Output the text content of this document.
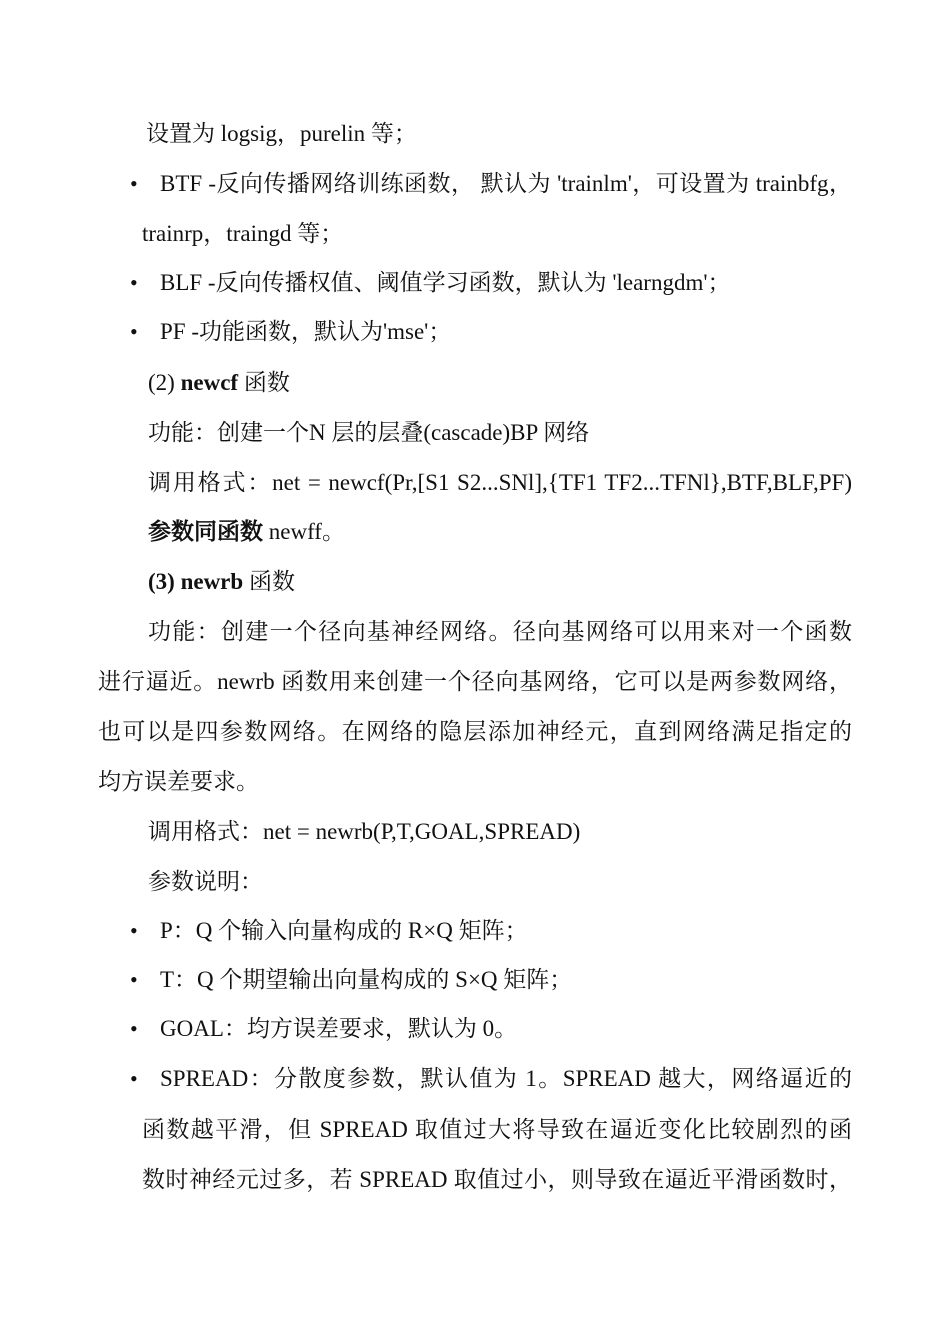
设置为 logsig，purelin 等；
• BTF -反向传播网络训练函数， 默认为 'trainlm'，可设置为 trainbfg，
trainrp，traingd 等；
• BLF -反向传播权值、阈值学习函数，默认为 'learngdm'；
• PF -功能函数，默认为'mse'；
(2) newcf 函数
功能：创建一个N 层的层叠(cascade)BP 网络
调用格式：net = newcf(Pr,[S1 S2...SNl],{TF1 TF2...TFNl},BTF,BLF,PF)
参数同函数 newff。
(3) newrb 函数
功能：创建一个径向基神经网络。径向基网络可以用来对一个函数
进行逼近。newrb 函数用来创建一个径向基网络，它可以是两参数网络，
也可以是四参数网络。在网络的隐层添加神经元，直到网络满足指定的
均方误差要求。
调用格式：net = newrb(P,T,GOAL,SPREAD)
参数说明：
• P：Q 个输入向量构成的 R×Q 矩阵；
• T：Q 个期望输出向量构成的 S×Q 矩阵；
• GOAL：均方误差要求，默认为 0。
• SPREAD：分散度参数，默认值为 1。SPREAD 越大，网络逼近的
函数越平滑，但 SPREAD 取值过大将导致在逼近变化比较剧烈的函
数时神经元过多，若 SPREAD 取值过小，则导致在逼近平滑函数时，
